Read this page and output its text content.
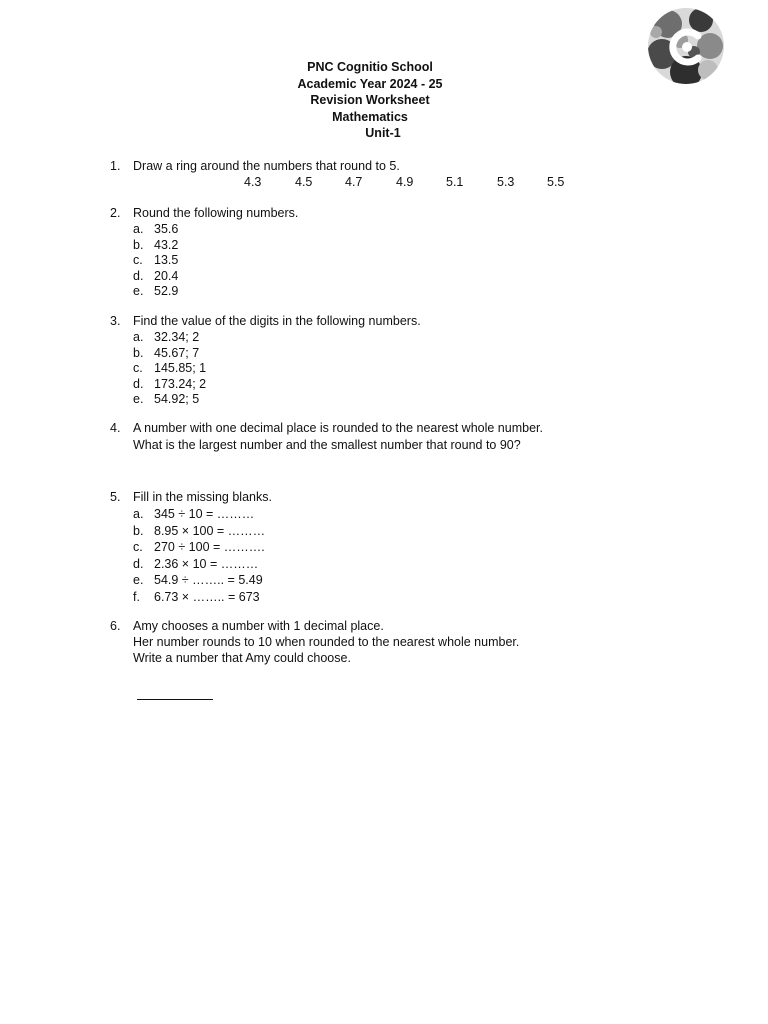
PNC Cognitio School
Academic Year 2024 - 25
Revision Worksheet
Mathematics
Unit-1
1.	Draw a ring around the numbers that round to 5.
4.3	4.5	4.7	4.9	5.1	5.3	5.5
2.	Round the following numbers.
a. 35.6
b. 43.2
c. 13.5
d. 20.4
e. 52.9
3.	Find the value of the digits in the following numbers.
a. 32.34; 2
b. 45.67; 7
c. 145.85; 1
d. 173.24; 2
e. 54.92; 5
4.	A number with one decimal place is rounded to the nearest whole number.
What is the largest number and the smallest number that round to 90?
5.	Fill in the missing blanks.
a. 345 ÷ 10 = ………
b. 8.95 × 100 = ………
c. 270 ÷ 100 = ……….
d. 2.36 × 10 = ………
e. 54.9 ÷ …….. = 5.49
f. 6.73 × …….. = 673
6.	Amy chooses a number with 1 decimal place.
Her number rounds to 10 when rounded to the nearest whole number.
Write a number that Amy could choose.
